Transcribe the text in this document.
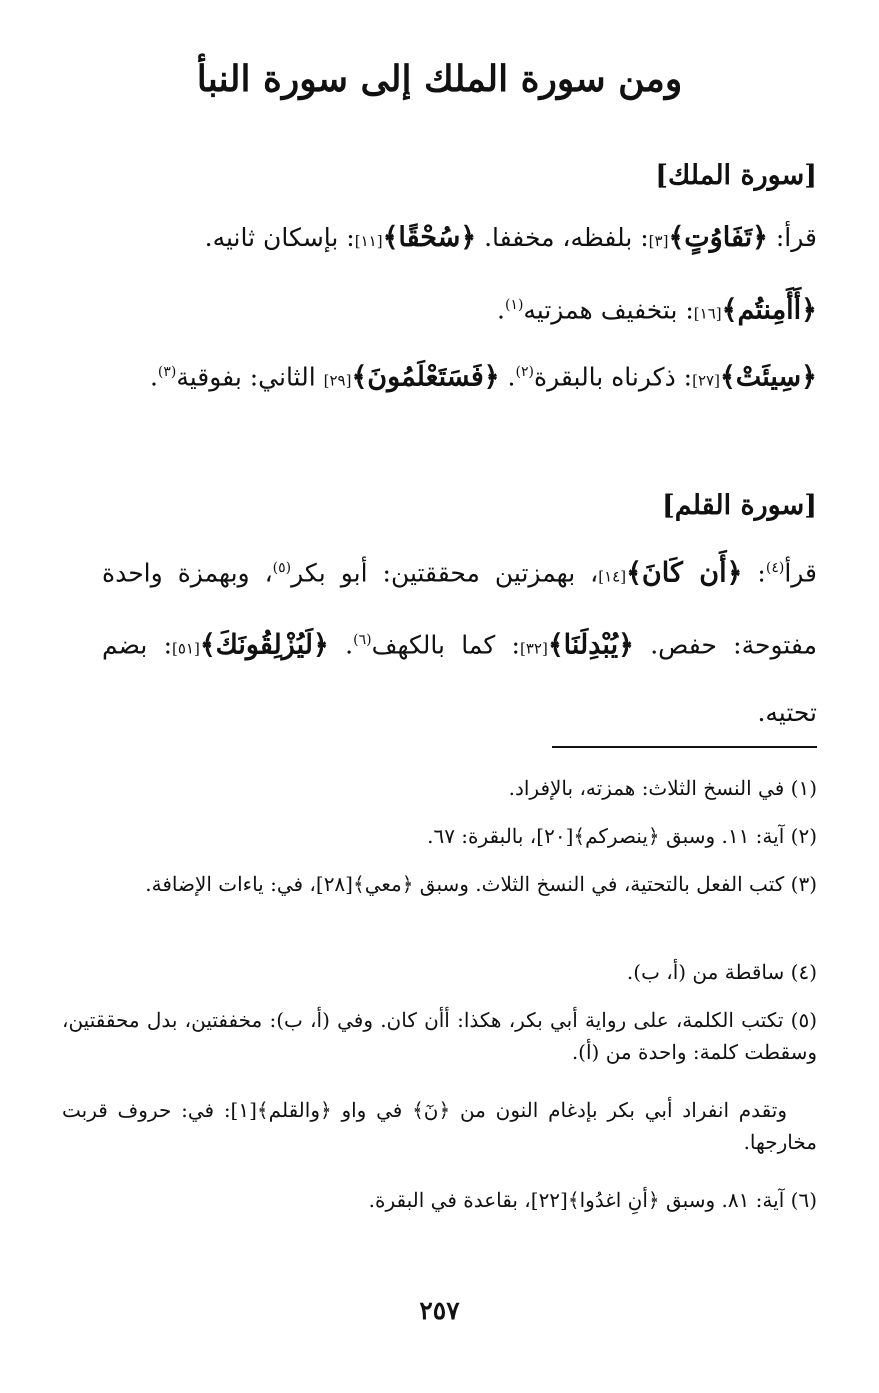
ومن سورة الملك إلى سورة النبأ
[سورة الملك]
قرأ: ﴿تَفَاوُتٍ﴾[٣]: بلفظه، مخففا. ﴿سُحْقًا﴾[١١]: بإسكان ثانيه.
﴿أَأَمِنتُم﴾[١٦]: بتخفيف همزتيه$^{(١)}$.
﴿سِيئَتْ﴾[٢٧]: ذكرناه بالبقرة$^{(٢)}$. ﴿فَسَتَعْلَمُونَ﴾[٢٩] الثاني: بفوقية$^{(٣)}$.
[سورة القلم]
قرأ$^{(٤)}$: ﴿أَن كَانَ﴾[١٤]، بهمزتين محققتين: أبو بكر$^{(٥)}$، وبهمزة واحدة مفتوحة: حفص. ﴿يُبْدِلَنَا﴾[٣٢]: كما بالكهف$^{(٦)}$. ﴿لَيُزْلِقُونَكَ﴾[٥١]: بضم تحتيه.
(١) في النسخ الثلاث: همزته، بالإفراد.
(٢) آية: ١١. وسبق ﴿ينصركم﴾[٢٠]، بالبقرة: ٦٧.
(٣) كتب الفعل بالتحتية، في النسخ الثلاث. وسبق ﴿معي﴾[٢٨]، في: ياءات الإضافة.
(٤) ساقطة من (أ، ب).
(٥) تكتب الكلمة، على رواية أبي بكر، هكذا: أأن كان. وفي (أ، ب): مخففتين، بدل محققتين، وسقطت كلمة: واحدة من (أ).
وتقدم انفراد أبي بكر بإدغام النون من ﴿نٓ﴾ في واو ﴿والقلم﴾[١]: في: حروف قربت مخارجها.
(٦) آية: ٨١. وسبق ﴿أنِ اغدُوا﴾[٢٢]، بقاعدة في البقرة.
٢٥٧
